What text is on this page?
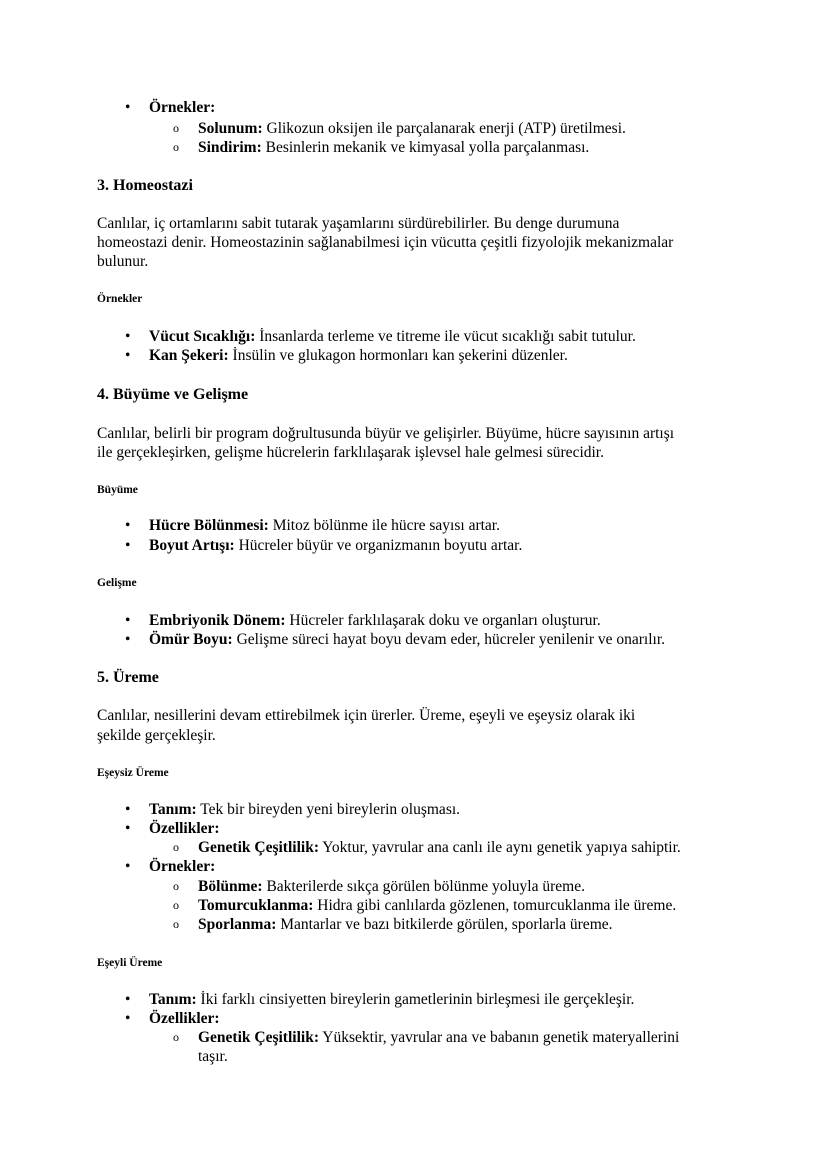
• Örnekler:
o Solunum: Glikozun oksijen ile parçalanarak enerji (ATP) üretilmesi.
o Sindirim: Besinlerin mekanik ve kimyasal yolla parçalanması.
3. Homeostazi
Canlılar, iç ortamlarını sabit tutarak yaşamlarını sürdürebilirler. Bu denge durumuna
homeostazi denir. Homeostazinin sağlanabilmesi için vücutta çeşitli fizyolojik mekanizmalar
bulunur.
Örnekler
• Vücut Sıcaklığı: İnsanlarda terleme ve titreme ile vücut sıcaklığı sabit tutulur.
• Kan Şekeri: İnsülin ve glukagon hormonları kan şekerini düzenler.
4. Büyüme ve Gelişme
Canlılar, belirli bir program doğrultusunda büyür ve gelişirler. Büyüme, hücre sayısının artışı
ile gerçekleşirken, gelişme hücrelerin farklılaşarak işlevsel hale gelmesi sürecidir.
Büyüme
• Hücre Bölünmesi: Mitoz bölünme ile hücre sayısı artar.
• Boyut Artışı: Hücreler büyür ve organizmanın boyutu artar.
Gelişme
• Embriyonik Dönem: Hücreler farklılaşarak doku ve organları oluşturur.
• Ömür Boyu: Gelişme süreci hayat boyu devam eder, hücreler yenilenir ve onarılır.
5. Üreme
Canlılar, nesillerini devam ettirebilmek için ürerler. Üreme, eşeyli ve eşeysiz olarak iki
şekilde gerçekleşir.
Eşeysiz Üreme
• Tanım: Tek bir bireyden yeni bireylerin oluşması.
• Özellikler:
o Genetik Çeşitlilik: Yoktur, yavrular ana canlı ile aynı genetik yapıya sahiptir.
• Örnekler:
o Bölünme: Bakterilerde sıkça görülen bölünme yoluyla üreme.
o Tomurcuklanma: Hidra gibi canlılarda gözlenen, tomurcuklanma ile üreme.
o Sporlanma: Mantarlar ve bazı bitkilerde görülen, sporlarla üreme.
Eşeyli Üreme
• Tanım: İki farklı cinsiyetten bireylerin gametlerinin birleşmesi ile gerçekleşir.
• Özellikler:
o Genetik Çeşitlilik: Yüksektir, yavrular ana ve babanın genetik materyallerini
taşır.
